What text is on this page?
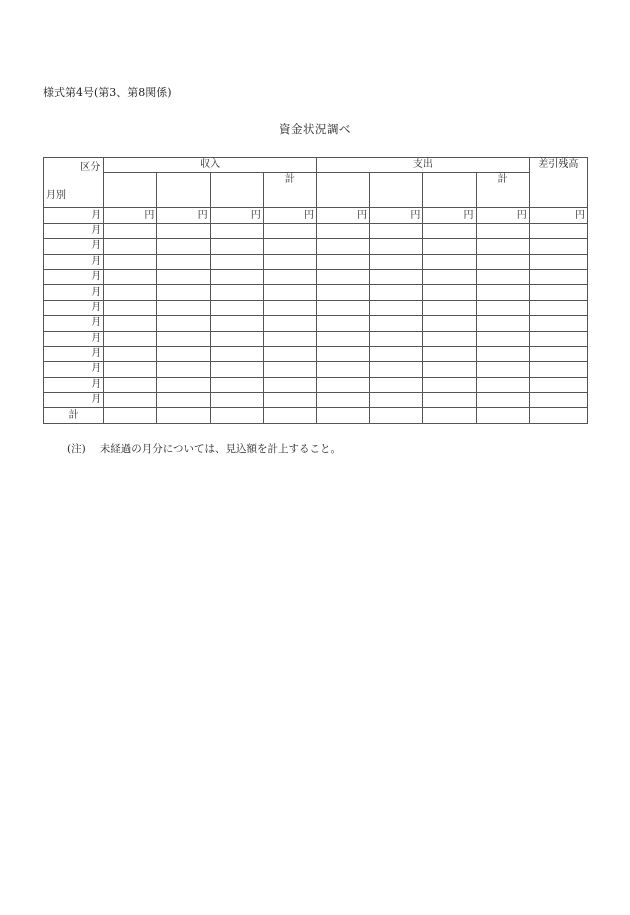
様式第4号(第3、第8関係)
資金状況調べ
区分
月別	収入				支出				差引残高
				計				計	
月	円	円	円	円	円	円	円	円	円
月									
月									
月									
月									
月									
月									
月									
月									
月									
月									
月									
月									
計									
(注) 未経過の月分については、見込額を計上すること。
